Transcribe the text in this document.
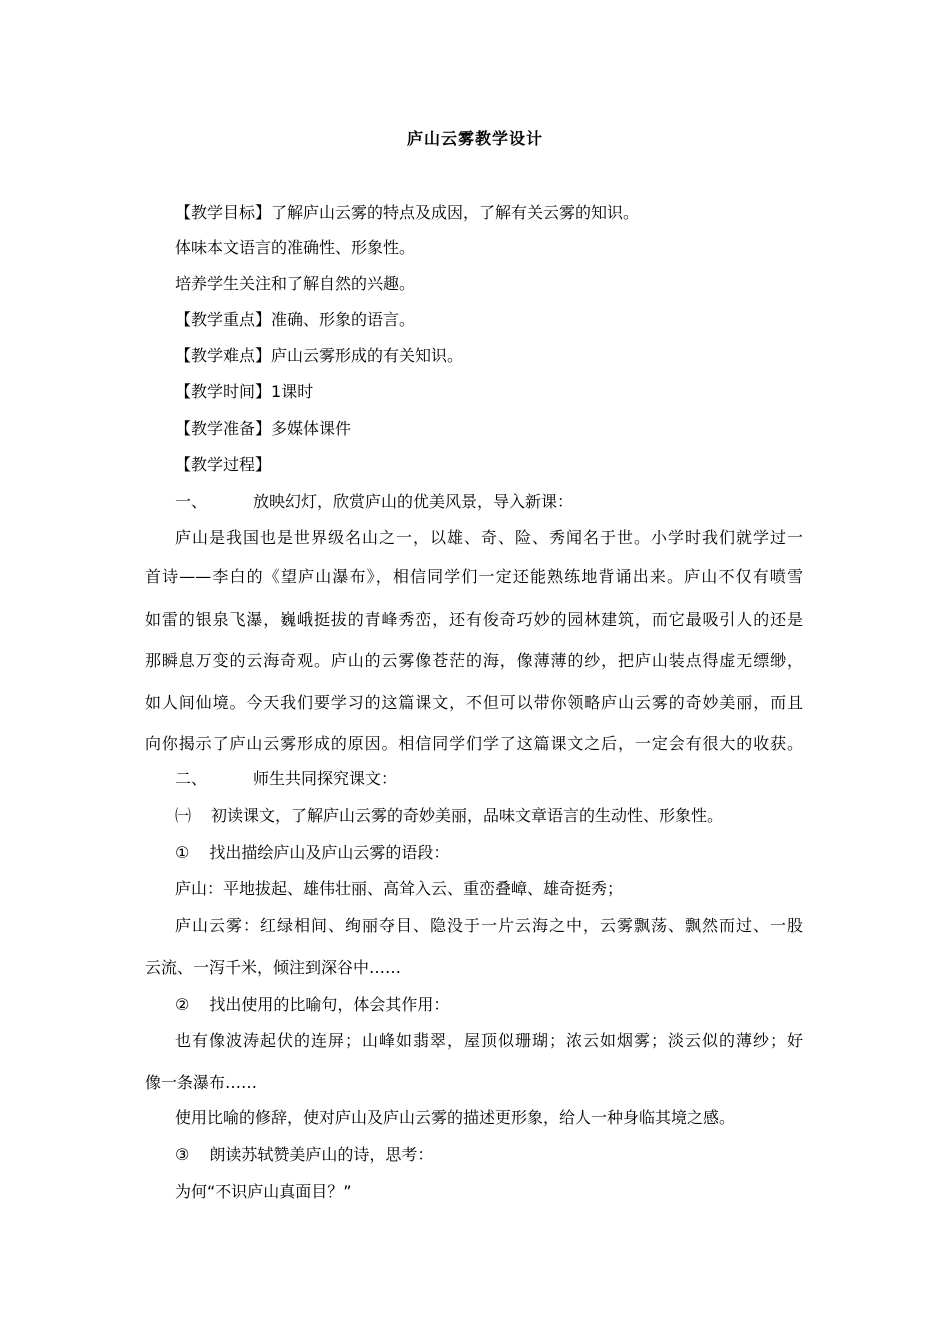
庐山云雾教学设计
【教学目标】了解庐山云雾的特点及成因，了解有关云雾的知识。
体味本文语言的准确性、形象性。
培养学生关注和了解自然的兴趣。
【教学重点】准确、形象的语言。
【教学难点】庐山云雾形成的有关知识。
【教学时间】1课时
【教学准备】多媒体课件
【教学过程】
一、	放映幻灯，欣赏庐山的优美风景，导入新课：
庐山是我国也是世界级名山之一，以雄、奇、险、秀闻名于世。小学时我们就学过一
首诗——李白的《望庐山瀑布》，相信同学们一定还能熟练地背诵出来。庐山不仅有喷雪
如雷的银泉飞瀑，巍峨挺拔的青峰秀峦，还有俊奇巧妙的园林建筑，而它最吸引人的还是
那瞬息万变的云海奇观。庐山的云雾像苍茫的海，像薄薄的纱，把庐山装点得虚无缥缈，
如人间仙境。今天我们要学习的这篇课文，不但可以带你领略庐山云雾的奇妙美丽，而且
向你揭示了庐山云雾形成的原因。相信同学们学了这篇课文之后，一定会有很大的收获。
二、	师生共同探究课文：
㈠ 初读课文，了解庐山云雾的奇妙美丽，品味文章语言的生动性、形象性。
① 找出描绘庐山及庐山云雾的语段：
庐山：平地拔起、雄伟壮丽、高耸入云、重峦叠嶂、雄奇挺秀；
庐山云雾：红绿相间、绚丽夺目、隐没于一片云海之中，云雾飘荡、飘然而过、一股
云流、一泻千米，倾注到深谷中……
② 找出使用的比喻句，体会其作用：
也有像波涛起伏的连屏；山峰如翡翠，屋顶似珊瑚；浓云如烟雾；淡云似的薄纱；好
像一条瀑布……
使用比喻的修辞，使对庐山及庐山云雾的描述更形象，给人一种身临其境之感。
③ 朗读苏轼赞美庐山的诗，思考：
为何“不识庐山真面目？”
